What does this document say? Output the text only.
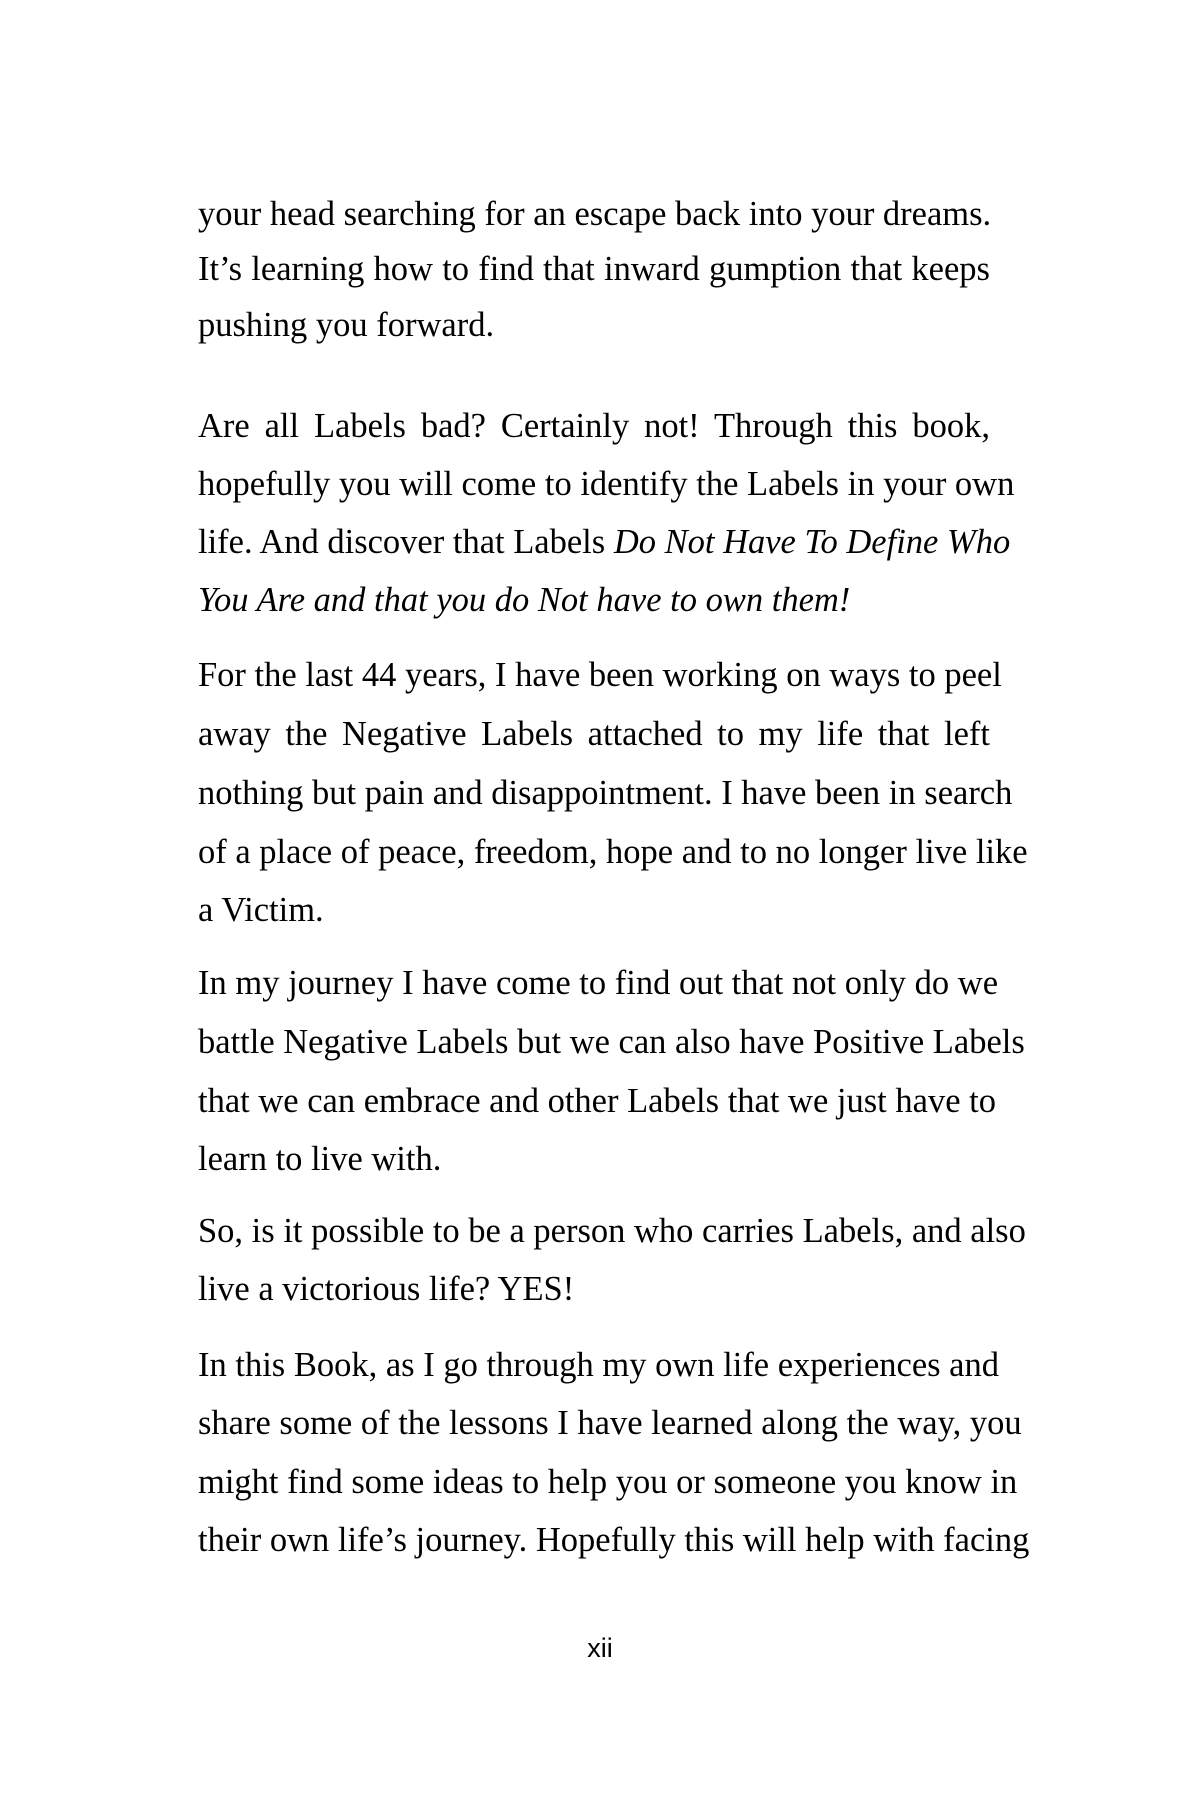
your head searching for an escape back into your dreams.
It’s learning how to find that inward gumption that keeps
pushing you forward.
Are all Labels bad? Certainly not! Through this book,
hopefully you will come to identify the Labels in your own
life. And discover that Labels Do Not Have To Define Who
You Are and that you do Not have to own them!
For the last 44 years, I have been working on ways to peel
away the Negative Labels attached to my life that left
nothing but pain and disappointment. I have been in search
of a place of peace, freedom, hope and to no longer live like
a Victim.
In my journey I have come to find out that not only do we
battle Negative Labels but we can also have Positive Labels
that we can embrace and other Labels that we just have to
learn to live with.
So, is it possible to be a person who carries Labels, and also
live a victorious life? YES!
In this Book, as I go through my own life experiences and
share some of the lessons I have learned along the way, you
might find some ideas to help you or someone you know in
their own life’s journey. Hopefully this will help with facing
xii
